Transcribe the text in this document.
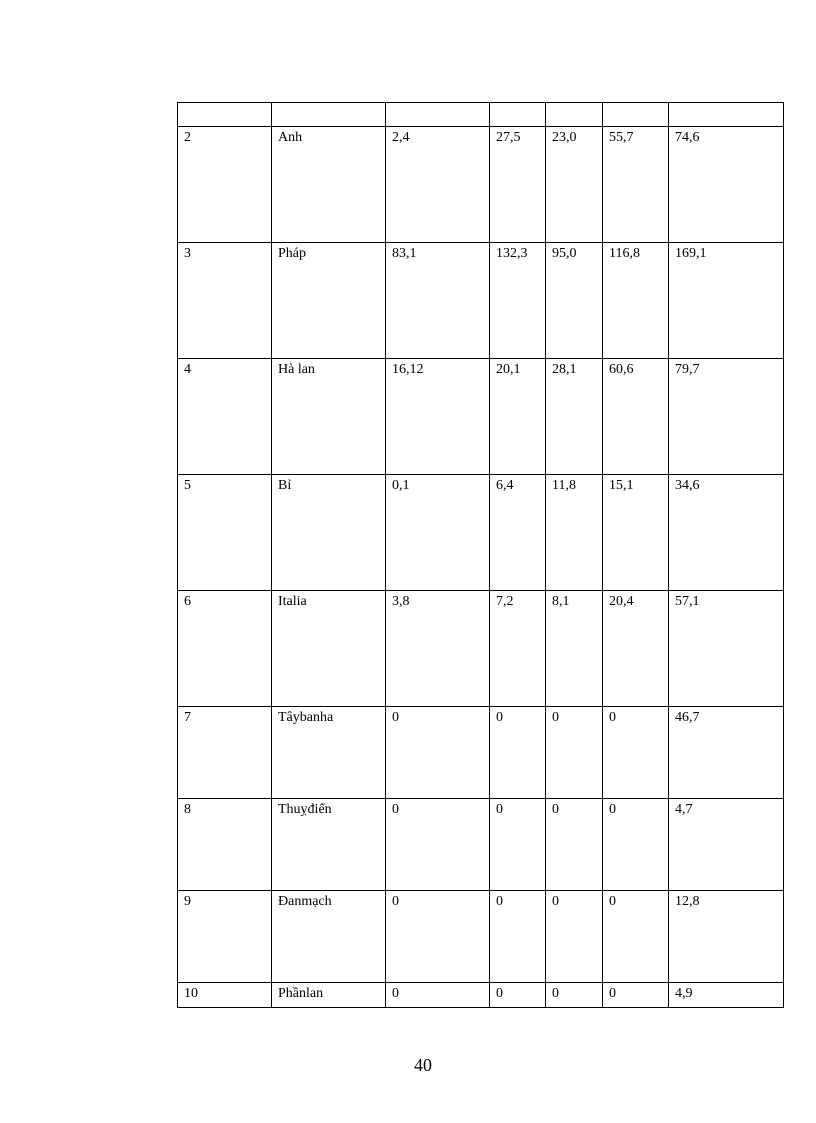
2	Anh	2,4	27,5	23,0	55,7	74,6
3	Pháp	83,1	132,3	95,0	116,8	169,1
4	Hà lan	16,12	20,1	28,1	60,6	79,7
5	Bỉ	0,1	6,4	11,8	15,1	34,6
6	Italia	3,8	7,2	8,1	20,4	57,1
7	Tâybanha	0	0	0	0	46,7
8	Thuỵđiển	0	0	0	0	4,7
9	Đanmạch	0	0	0	0	12,8
10	Phầnlan	0	0	0	0	4,9
40
